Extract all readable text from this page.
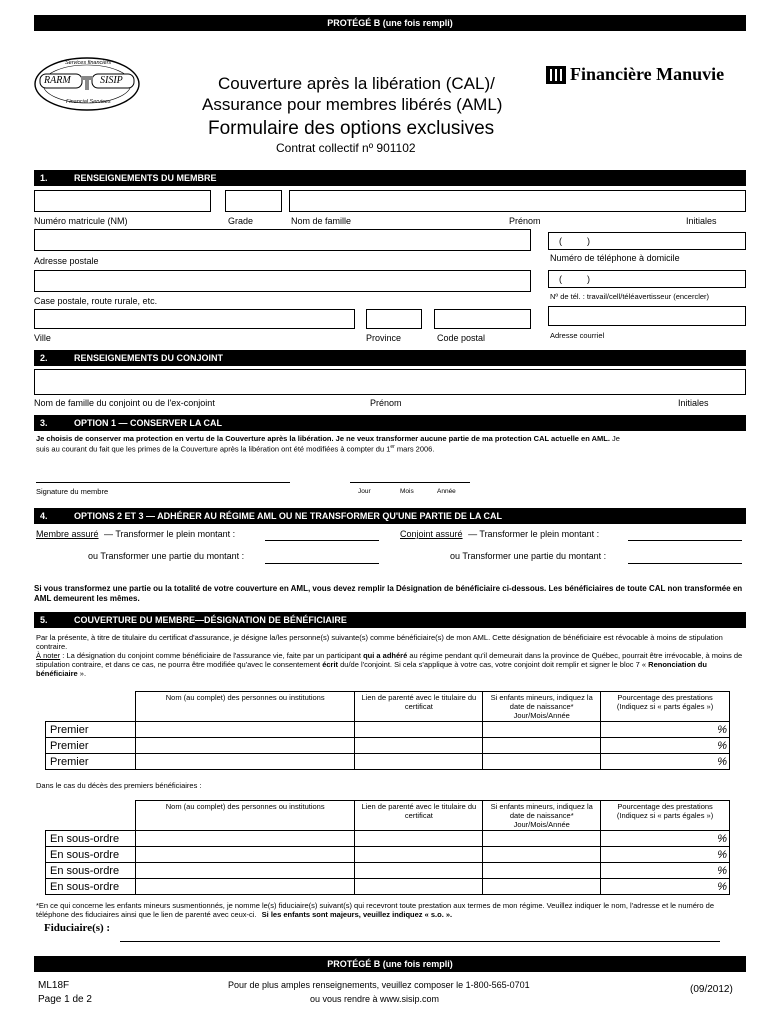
PROTÉGÉ B (une fois rempli)
Services financiers
Financial Services
RARM	SISIP	Couverture après la libération (CAL)/
Assurance pour membres libérés (AML)
Formulaire des options exclusives
Contrat collectif nº 901102
Financière Manuvie
1.	RENSEIGNEMENTS DU MEMBRE
Numéro matricule (NM)	Grade	Nom de famille	Prénom	Initiales
(          )
Adresse postale	Numéro de téléphone à domicile
(          )
Case postale, route rurale, etc.	Nº de tél. : travail/cell/téléavertisseur (encercler)
Ville	Province	Code postal	Adresse courriel
2.	RENSEIGNEMENTS DU CONJOINT
Nom de famille du conjoint ou de l'ex-conjoint	Prénom	Initiales
3.	OPTION 1 — CONSERVER LA CAL
Je choisis de conserver ma protection en vertu de la Couverture après la libération. Je ne veux transformer aucune partie de ma protection CAL actuelle en AML. Je
suis au courant du fait que les primes de la Couverture après la libération ont été modifiées à compter du 1er mars 2006.
Signature du membre	Jour	Mois	Année
4.	OPTIONS 2 ET 3 — ADHÉRER AU RÉGIME AML OU NE TRANSFORMER QU'UNE PARTIE DE LA CAL
Membre assuré — Transformer le plein montant :
ou Transformer une partie du montant :
Conjoint assuré — Transformer le plein montant :
ou Transformer une partie du montant :
Si vous transformez une partie ou la totalité de votre couverture en AML, vous devez remplir la Désignation de bénéficiaire ci-dessous. Les bénéficiaires de toute CAL non transformée en AML demeurent les mêmes.
5.	COUVERTURE DU MEMBRE—DÉSIGNATION DE BÉNÉFICIAIRE
Par la présente, à titre de titulaire du certificat d'assurance, je désigne la/les personne(s) suivante(s) comme bénéficiaire(s) de mon AML. Cette désignation de bénéficiaire est révocable à moins de stipulation contraire.
À noter : La désignation du conjoint comme bénéficiaire de l'assurance vie, faite par un participant qui a adhéré au régime pendant qu'il demeurait dans la province de Québec, pourrait être irrévocable, à moins de stipulation contraire, et dans ce cas, ne pourra être modifiée qu'avec le consentement écrit du/de l'conjoint. Si cela s'applique à votre cas, votre conjoint doit remplir et signer le bloc 7 « Renonciation du bénéficiaire ».
	Nom (au complet) des personnes ou institutions	Lien de parenté avec le titulaire du certificat	Si enfants mineurs, indiquez la date de naissance* Jour/Mois/Année	Pourcentage des prestations (Indiquez si « parts égales »)
Premier				%
Premier				%
Premier				%
Dans le cas du décès des premiers bénéficiaires :
	Nom (au complet) des personnes ou institutions	Lien de parenté avec le titulaire du certificat	Si enfants mineurs, indiquez la date de naissance* Jour/Mois/Année	Pourcentage des prestations (Indiquez si « parts égales »)
En sous-ordre				%
En sous-ordre				%
En sous-ordre				%
En sous-ordre				%
*En ce qui concerne les enfants mineurs susmentionnés, je nomme le(s) fiduciaire(s) suivant(s) qui recevront toute prestation aux termes de mon régime. Veuillez indiquer le nom, l'adresse et le numéro de téléphone des fiduciaires ainsi que le lien de parenté avec ceux-ci. Si les enfants sont majeurs, veuillez indiquez « s.o. ».
Fiduciaire(s) :
PROTÉGÉ B (une fois rempli)
ML18F
Page 1 de 2
Pour de plus amples renseignements, veuillez composer le 1-800-565-0701
ou vous rendre à www.sisip.com
(09/2012)
